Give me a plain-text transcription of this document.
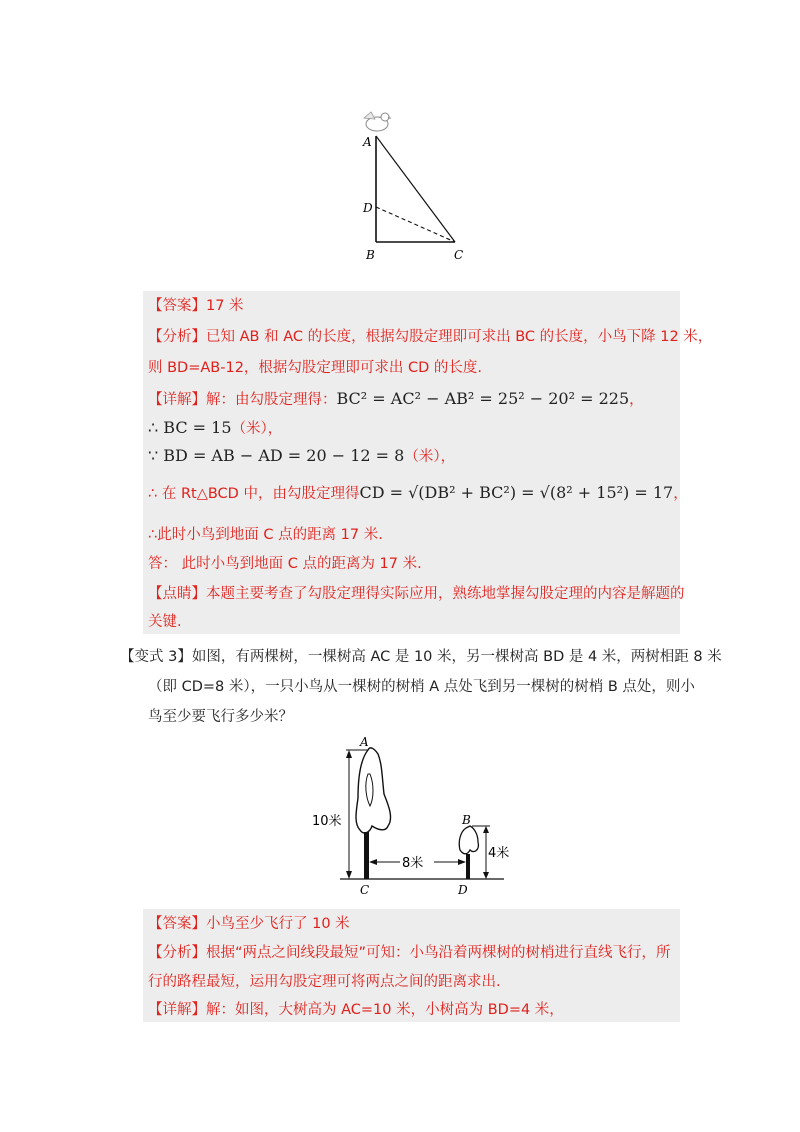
A
D
B	C
【答案】17 米
【分析】已知 AB 和 AC 的长度，根据勾股定理即可求出 BC 的长度，小鸟下降 12 米，
则 BD=AB-12，根据勾股定理即可求出 CD 的长度.
【详解】解：由勾股定理得：BC² = AC² − AB² = 25² − 20² = 225，
∴ BC = 15（米），
∵ BD = AB − AD = 20 − 12 = 8（米），
∴ 在 Rt△BCD 中，由勾股定理得CD = √(DB² + BC²) = √(8² + 15²) = 17，
∴此时小鸟到地面 C 点的距离 17 米.
答： 此时小鸟到地面 C 点的距离为 17 米.
【点睛】本题主要考查了勾股定理得实际应用，熟练地掌握勾股定理的内容是解题的
关键.
【变式 3】如图，有两棵树，一棵树高 AC 是 10 米，另一棵树高 BD 是 4 米，两树相距 8 米
（即 CD=8 米），一只小鸟从一棵树的树梢 A 点处飞到另一棵树的树梢 B 点处，则小
鸟至少要飞行多少米？
A
B
C	D
10米
4米
8米
【答案】小鸟至少飞行了 10 米
【分析】根据“两点之间线段最短”可知：小鸟沿着两棵树的树梢进行直线飞行，所
行的路程最短，运用勾股定理可将两点之间的距离求出.
【详解】解：如图，大树高为 AC=10 米，小树高为 BD=4 米，
